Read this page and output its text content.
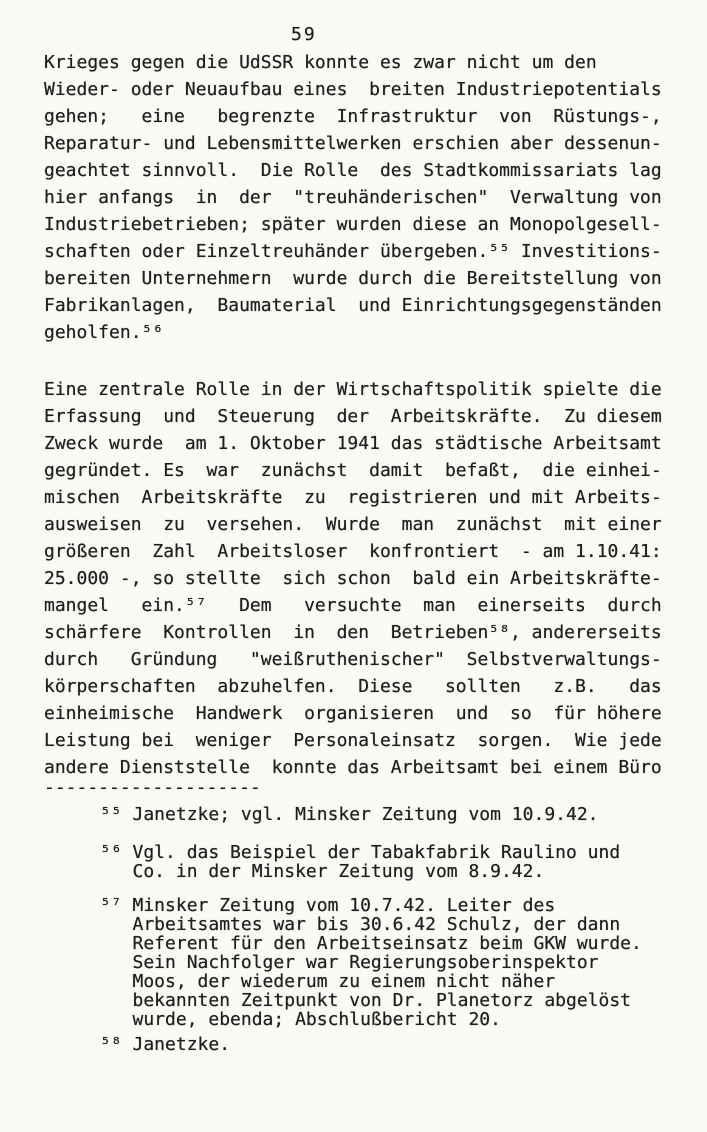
59
Krieges gegen die UdSSR konnte es zwar nicht um den
Wieder- oder Neuaufbau eines  breiten Industriepotentials
gehen;   eine   begrenzte  Infrastruktur  von  Rüstungs-,
Reparatur- und Lebensmittelwerken erschien aber dessenun-
geachtet sinnvoll.  Die Rolle  des Stadtkommissariats lag
hier anfangs  in  der  "treuhänderischen"  Verwaltung von
Industriebetrieben; später wurden diese an Monopolgesell-
schaften oder Einzeltreuhänder übergeben.⁵⁵ Investitions-
bereiten Unternehmern  wurde durch die Bereitstellung von
Fabrikanlagen,  Baumaterial  und Einrichtungsgegenständen
geholfen.⁵⁶
Eine zentrale Rolle in der Wirtschaftspolitik spielte die
Erfassung  und  Steuerung  der  Arbeitskräfte.  Zu diesem
Zweck wurde  am 1. Oktober 1941 das städtische Arbeitsamt
gegründet. Es  war  zunächst  damit  befaßt,  die einhei-
mischen  Arbeitskräfte  zu  registrieren und mit Arbeits-
ausweisen  zu  versehen.  Wurde  man  zunächst  mit einer
größeren  Zahl  Arbeitsloser  konfrontiert  - am 1.10.41:
25.000 -, so stellte  sich schon  bald ein Arbeitskräfte-
mangel   ein.⁵⁷   Dem   versuchte  man  einerseits  durch
schärfere  Kontrollen  in  den  Betrieben⁵⁸, andererseits
durch   Gründung   "weißruthenischer"  Selbstverwaltungs-
körperschaften  abzuhelfen.  Diese   sollten   z.B.   das
einheimische  Handwerk  organisieren  und  so  für höhere
Leistung bei  weniger  Personaleinsatz  sorgen.  Wie jede
andere Dienststelle  konnte das Arbeitsamt bei einem Büro
--------------------
⁵⁵ Janetzke; vgl. Minsker Zeitung vom 10.9.42.
⁵⁶ Vgl. das Beispiel der Tabakfabrik Raulino und
Co. in der Minsker Zeitung vom 8.9.42.
⁵⁷ Minsker Zeitung vom 10.7.42. Leiter des
Arbeitsamtes war bis 30.6.42 Schulz, der dann
Referent für den Arbeitseinsatz beim GKW wurde.
Sein Nachfolger war Regierungsoberinspektor
Moos, der wiederum zu einem nicht näher
bekannten Zeitpunkt von Dr. Planetorz abgelöst
wurde, ebenda; Abschlußbericht 20.
⁵⁸ Janetzke.
